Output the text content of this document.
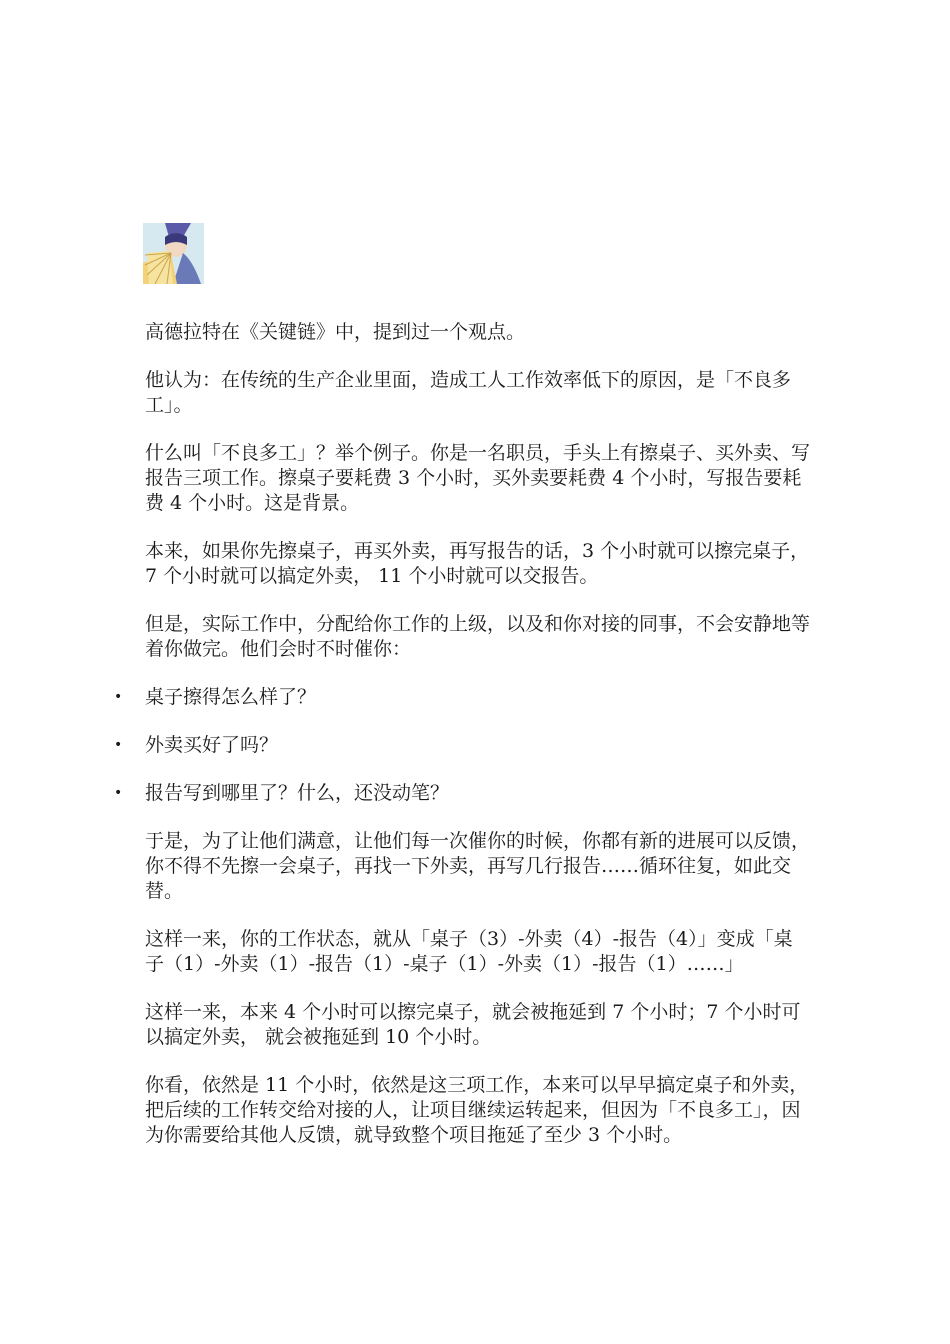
高德拉特在《关键链》中，提到过一个观点。

他认为：在传统的生产企业里面，造成工人工作效率低下的原因，是「不良多工」。

什么叫「不良多工」？举个例子。你是一名职员，手头上有擦桌子、买外卖、写报告三项工作。擦桌子要耗费 3 个小时，买外卖要耗费 4 个小时，写报告要耗费 4 个小时。这是背景。

本来，如果你先擦桌子，再买外卖，再写报告的话，3 个小时就可以擦完桌子， 7 个小时就可以搞定外卖， 11 个小时就可以交报告。

但是，实际工作中，分配给你工作的上级，以及和你对接的同事，不会安静地等着你做完。他们会时不时催你：

• 桌子擦得怎么样了？
• 外卖买好了吗？
• 报告写到哪里了？什么，还没动笔？

于是，为了让他们满意，让他们每一次催你的时候，你都有新的进展可以反馈，你不得不先擦一会桌子，再找一下外卖，再写几行报告……循环往复，如此交替。

这样一来，你的工作状态，就从「桌子（3）-外卖（4）-报告（4）」变成「桌子（1）-外卖（1）-报告（1）-桌子（1）-外卖（1）-报告（1）……」

这样一来，本来 4 个小时可以擦完桌子，就会被拖延到 7 个小时；7 个小时可以搞定外卖， 就会被拖延到 10 个小时。

你看，依然是 11 个小时，依然是这三项工作，本来可以早早搞定桌子和外卖，把后续的工作转交给对接的人，让项目继续运转起来，但因为「不良多工」，因为你需要给其他人反馈，就导致整个项目拖延了至少 3 个小时。
